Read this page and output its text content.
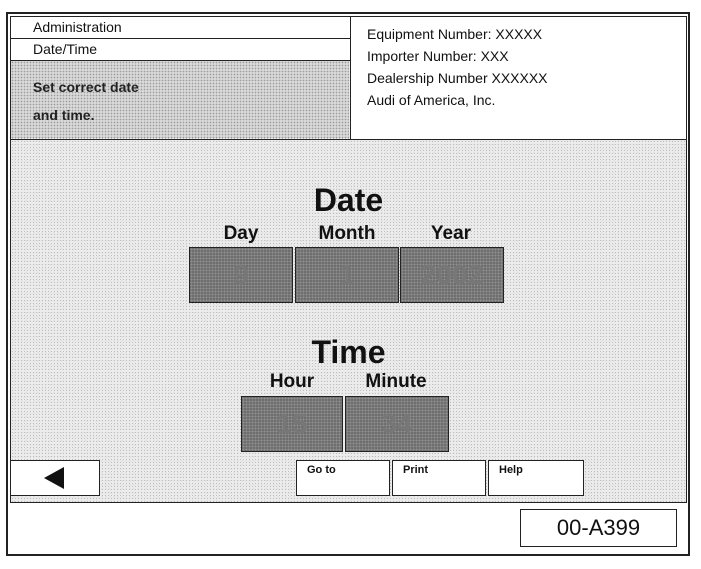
Administration
Date/Time
Set correct date
and time.
Equipment Number: XXXXX
Importer Number: XXX
Dealership Number XXXXXX
Audi of America, Inc.
Date
Day	Month	Year
9	1	2002
Time
Hour	Minute
15	34
Go to	Print	Help
00-A399
